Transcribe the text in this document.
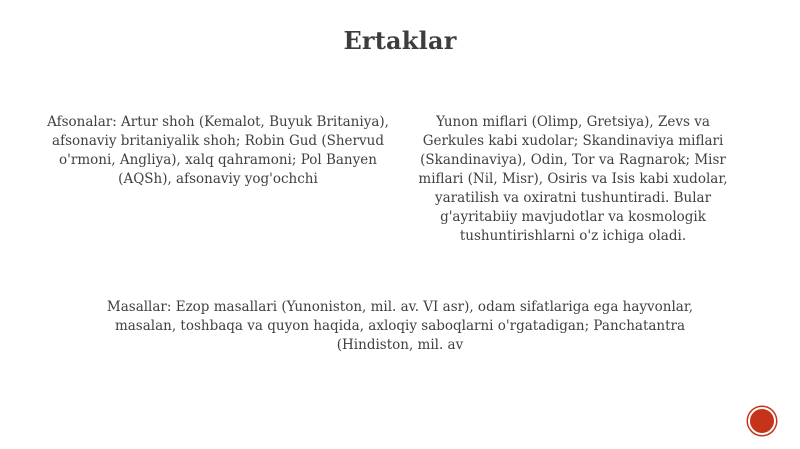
Ertaklar

Afsonalar: Artur shoh (Kemalot, Buyuk Britaniya), afsonaviy britaniyalik shoh; Robin Gud (Shervud o'rmoni, Angliya), xalq qahramoni; Pol Banyen (AQSh), afsonaviy yog'ochchi

Yunon miflari (Olimp, Gretsiya), Zevs va Gerkules kabi xudolar; Skandinaviya miflari (Skandinaviya), Odin, Tor va Ragnarok; Misr miflari (Nil, Misr), Osiris va Isis kabi xudolar, yaratilish va oxiratni tushuntiradi. Bular g'ayritabiiy mavjudotlar va kosmologik tushuntirishlarni o'z ichiga oladi.

Masallar: Ezop masallari (Yunoniston, mil. av. VI asr), odam sifatlariga ega hayvonlar, masalan, toshbaqa va quyon haqida, axloqiy saboqlarni o'rgatadigan; Panchatantra (Hindiston, mil. av
